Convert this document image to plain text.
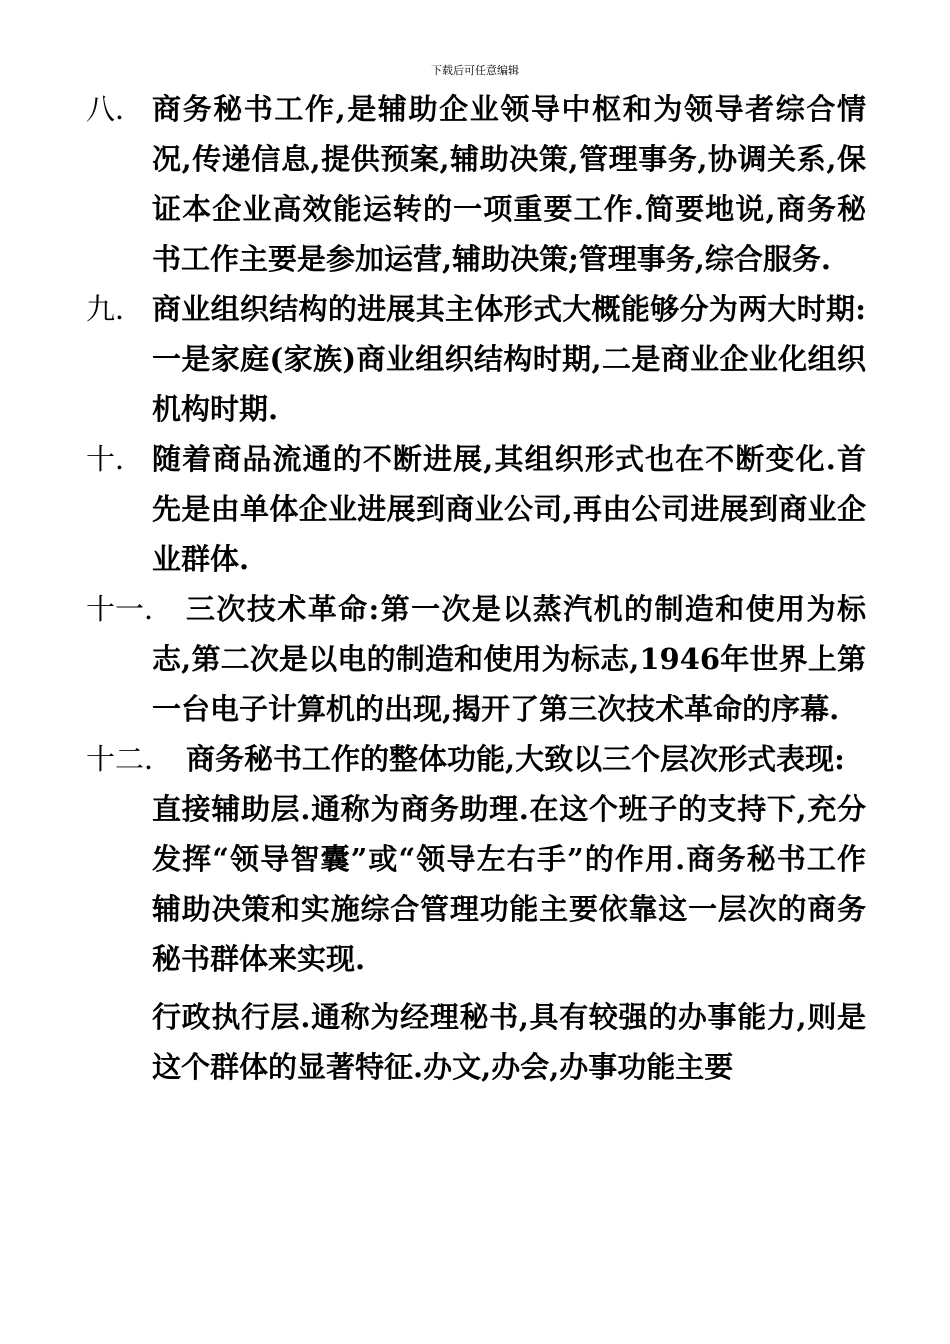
下载后可任意编辑
八． 商务秘书工作,是辅助企业领导中枢和为领导者综合情况,传递信息,提供预案,辅助决策,管理事务,协调关系,保证本企业高效能运转的一项重要工作.简要地说,商务秘书工作主要是参加运营,辅助决策;管理事务,综合服务.

九． 商业组织结构的进展其主体形式大概能够分为两大时期:一是家庭(家族)商业组织结构时期,二是商业企业化组织机构时期.

十． 随着商品流通的不断进展,其组织形式也在不断变化.首先是由单体企业进展到商业公司,再由公司进展到商业企业群体.

十一． 三次技术革命:第一次是以蒸汽机的制造和使用为标志,第二次是以电的制造和使用为标志,1946年世界上第一台电子计算机的出现,揭开了第三次技术革命的序幕.

十二． 商务秘书工作的整体功能,大致以三个层次形式表现:

直接辅助层.通称为商务助理.在这个班子的支持下,充分发挥“领导智囊”或“领导左右手”的作用.商务秘书工作辅助决策和实施综合管理功能主要依靠这一层次的商务秘书群体来实现.

行政执行层.通称为经理秘书,具有较强的办事能力,则是这个群体的显著特征.办文,办会,办事功能主要
